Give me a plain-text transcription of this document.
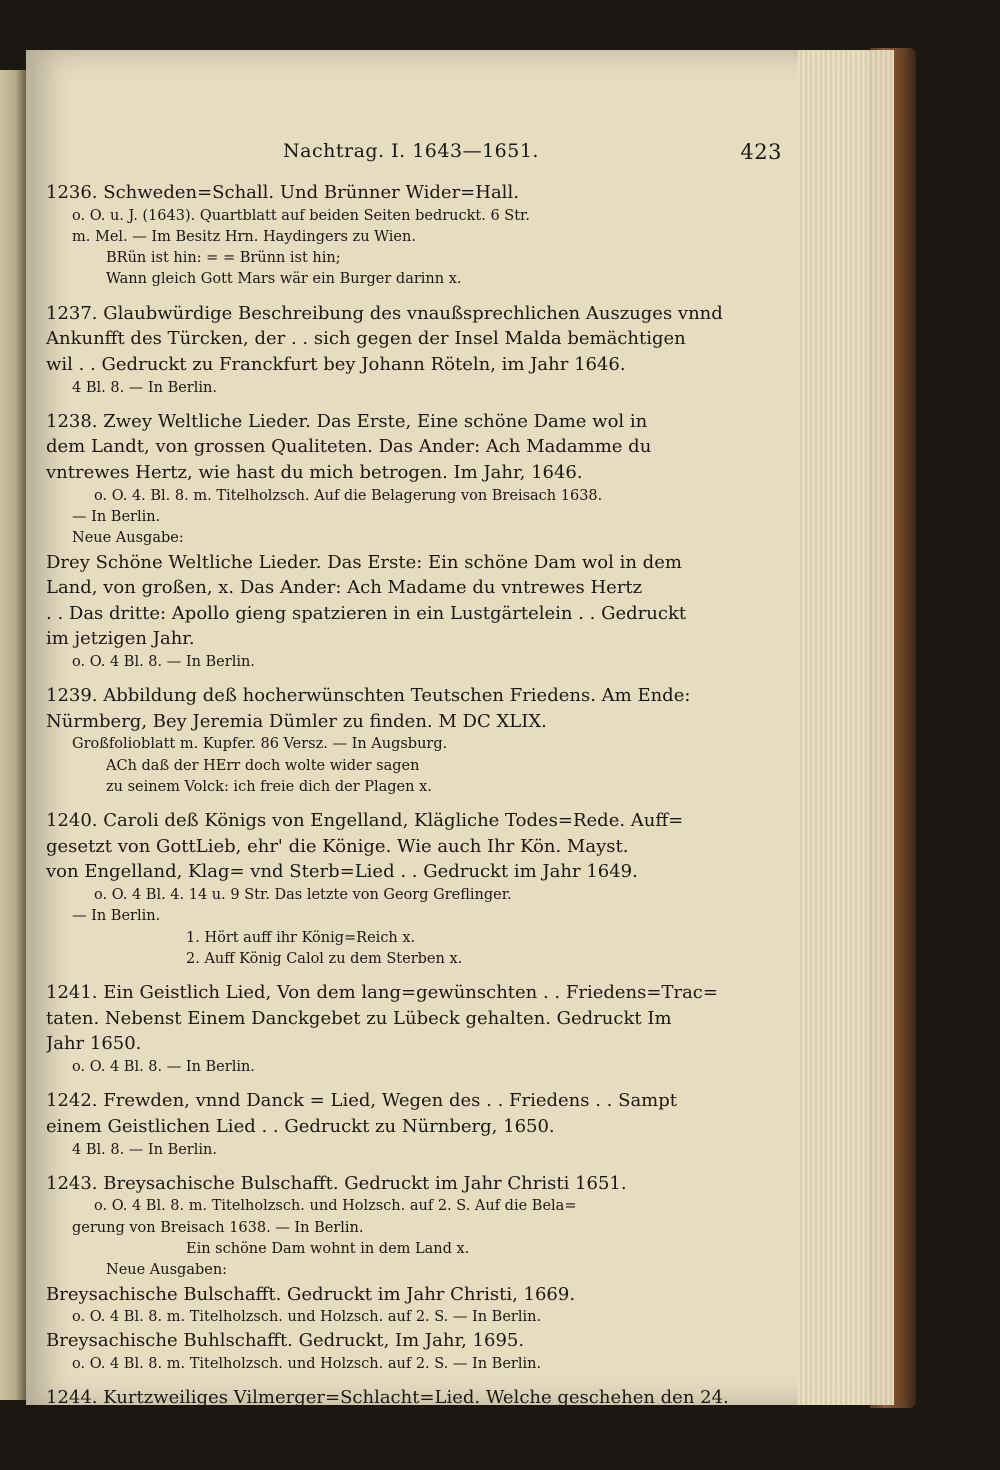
Nachtrag. I. 1643—1651.	423
1236. Schweden=Schall. Und Brünner Wider=Hall.
o. O. u. J. (1643). Quartblatt auf beiden Seiten bedruckt. 6 Str.
m. Mel. — Im Besitz Hrn. Haydingers zu Wien.
BRün ist hin: = = Brünn ist hin;
Wann gleich Gott Mars wär ein Burger darinn x.
1237. Glaubwürdige Beschreibung des vnaußsprechlichen Auszuges vnnd
Ankunfft des Türcken, der . . sich gegen der Insel Malda bemächtigen
wil . . Gedruckt zu Franckfurt bey Johann Röteln, im Jahr 1646.
4 Bl. 8. — In Berlin.
1238. Zwey Weltliche Lieder. Das Erste, Eine schöne Dame wol in
dem Landt, von grossen Qualiteten. Das Ander: Ach Madamme du
vntrewes Hertz, wie hast du mich betrogen. Im Jahr, 1646.
o. O. 4. Bl. 8. m. Titelholzsch. Auf die Belagerung von Breisach 1638.
— In Berlin.
Neue Ausgabe:
Drey Schöne Weltliche Lieder. Das Erste: Ein schöne Dam wol in dem
Land, von großen, x. Das Ander: Ach Madame du vntrewes Hertz
. . Das dritte: Apollo gieng spatzieren in ein Lustgärtelein . . Gedruckt
im jetzigen Jahr.
o. O. 4 Bl. 8. — In Berlin.
1239. Abbildung deß hocherwünschten Teutschen Friedens. Am Ende:
Nürmberg, Bey Jeremia Dümler zu finden. M DC XLIX.
Großfolioblatt m. Kupfer. 86 Versz. — In Augsburg.
ACh daß der HErr doch wolte wider sagen
zu seinem Volck: ich freie dich der Plagen x.
1240. Caroli deß Königs von Engelland, Klägliche Todes=Rede. Auff=
gesetzt von GottLieb, ehr' die Könige. Wie auch Ihr Kön. Mayst.
von Engelland, Klag= vnd Sterb=Lied . . Gedruckt im Jahr 1649.
o. O. 4 Bl. 4. 14 u. 9 Str. Das letzte von Georg Greflinger.
— In Berlin.
1. Hört auff ihr König=Reich x.
2. Auff König Calol zu dem Sterben x.
1241. Ein Geistlich Lied, Von dem lang=gewünschten . . Friedens=Trac=
taten. Nebenst Einem Danckgebet zu Lübeck gehalten. Gedruckt Im
Jahr 1650.
o. O. 4 Bl. 8. — In Berlin.
1242. Frewden, vnnd Danck = Lied, Wegen des . . Friedens . . Sampt
einem Geistlichen Lied . . Gedruckt zu Nürnberg, 1650.
4 Bl. 8. — In Berlin.
1243. Breysachische Bulschafft. Gedruckt im Jahr Christi 1651.
o. O. 4 Bl. 8. m. Titelholzsch. und Holzsch. auf 2. S. Auf die Bela=
gerung von Breisach 1638. — In Berlin.
Ein schöne Dam wohnt in dem Land x.
Neue Ausgaben:
Breysachische Bulschafft. Gedruckt im Jahr Christi, 1669.
o. O. 4 Bl. 8. m. Titelholzsch. und Holzsch. auf 2. S. — In Berlin.
Breysachische Buhlschafft. Gedruckt, Im Jahr, 1695.
o. O. 4 Bl. 8. m. Titelholzsch. und Holzsch. auf 2. S. — In Berlin.
1244. Kurtzweiliges Vilmerger=Schlacht=Lied. Welche geschehen den 24.
